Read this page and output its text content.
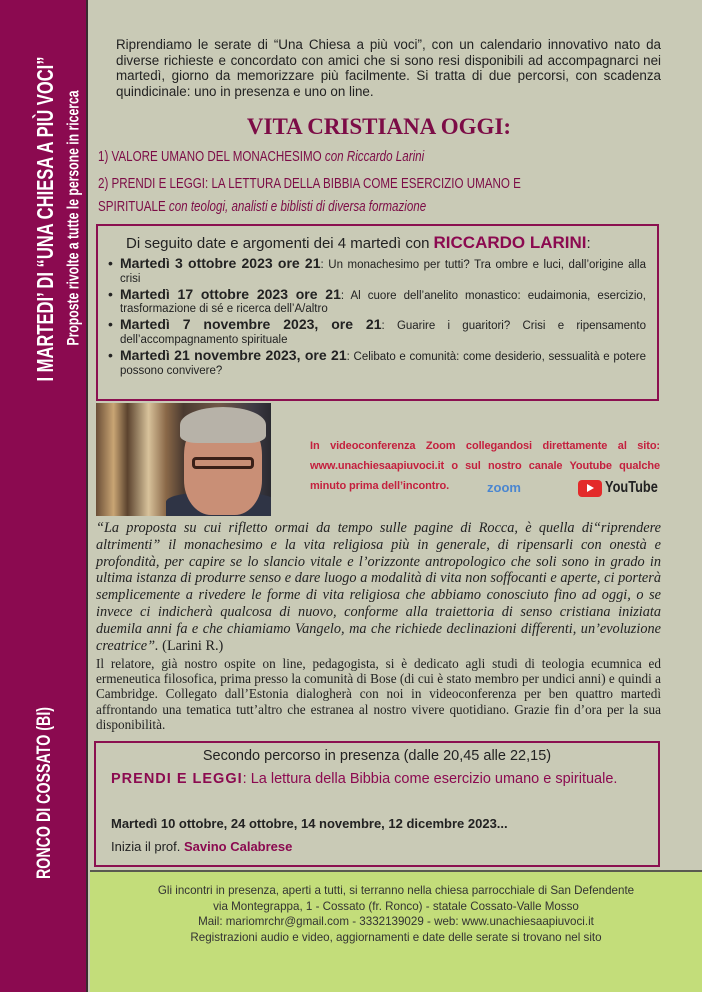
I MARTEDI’ DI “UNA CHIESA A PIÙ VOCI” Proposte rivolte a tutte le persone in ricerca
RONCO DI COSSATO (BI)

Riprendiamo le serate di “Una Chiesa a più voci”, con un calendario innovativo nato da diverse richieste e concordato con amici che si sono resi disponibili ad accompagnarci nei martedì, giorno da memorizzare più facilmente. Si tratta di due percorsi, con scadenza quindicinale: uno in presenza e uno on line.

VITA CRISTIANA OGGI:
1) VALORE UMANO DEL MONACHESIMO con Riccardo Larini
2) PRENDI E LEGGI: LA LETTURA DELLA BIBBIA COME ESERCIZIO UMANO E
SPIRITUALE con teologi, analisti e biblisti di diversa formazione
Di seguito date e argomenti dei 4 martedì con RICCARDO LARINI:
• Martedì 3 ottobre 2023 ore 21: Un monachesimo per tutti? Tra ombre e luci, dall’origine alla crisi
• Martedì 17 ottobre 2023 ore 21: Al cuore dell’anelito monastico: eudaimonia, esercizio, trasformazione di sé e ricerca dell’A/altro
• Martedì 7 novembre 2023, ore 21: Guarire i guaritori? Crisi e ripensamento dell’accompagnamento spirituale
• Martedì 21 novembre 2023, ore 21: Celibato e comunità: come desiderio, sessualità e potere possono convivere?

In videoconferenza Zoom collegandosi direttamente al sito: www.unachiesaapiuvoci.it o sul nostro canale Youtube qualche minuto prima dell’incontro.	zoom	YouTube

“La proposta su cui rifletto ormai da tempo sulle pagine di Rocca, è quella di“riprendere altrimenti” il monachesimo e la vita religiosa più in generale, di ripensarli con onestà e profondità, per capire se lo slancio vitale e l’orizzonte antropologico che soli sono in grado in ultima istanza di produrre senso e dare luogo a modalità di vita non soffocanti e aperte, ci porterà semplicemente a rivedere le forme di vita religiosa che abbiamo conosciuto fino ad oggi, o se invece ci indicherà qualcosa di nuovo, conforme alla traiettoria di senso cristiana iniziata duemila anni fa e che chiamiamo Vangelo, ma che richiede declinazioni differenti, un’evoluzione creatrice”. (Larini R.)

Il relatore, già nostro ospite on line, pedagogista, si è dedicato agli studi di teologia ecumnica ed ermeneutica filosofica, prima presso la comunità di Bose (di cui è stato membro per undici anni) e quindi a Cambridge. Collegato dall’Estonia dialogherà con noi in videoconferenza per ben quattro martedì affrontando una tematica tutt’altro che estranea al nostro vivere quotidiano. Grazie fin d’ora per la sua disponibilità.

Secondo percorso in presenza (dalle 20,45 alle 22,15)
PRENDI E LEGGI: La lettura della Bibbia come esercizio umano e spirituale.
Martedì 10 ottobre, 24 ottobre, 14 novembre, 12 dicembre 2023...
Inizia il prof. Savino Calabrese
Gli incontri in presenza, aperti a tutti, si terranno nella chiesa parrocchiale di San Defendente
via Montegrappa, 1 - Cossato (fr. Ronco) - statale Cossato-Valle Mosso
Mail: mariomrchr@gmail.com - 3332139029 - web: www.unachiesaapiuvoci.it
Registrazioni audio e video, aggiornamenti e date delle serate si trovano nel sito
